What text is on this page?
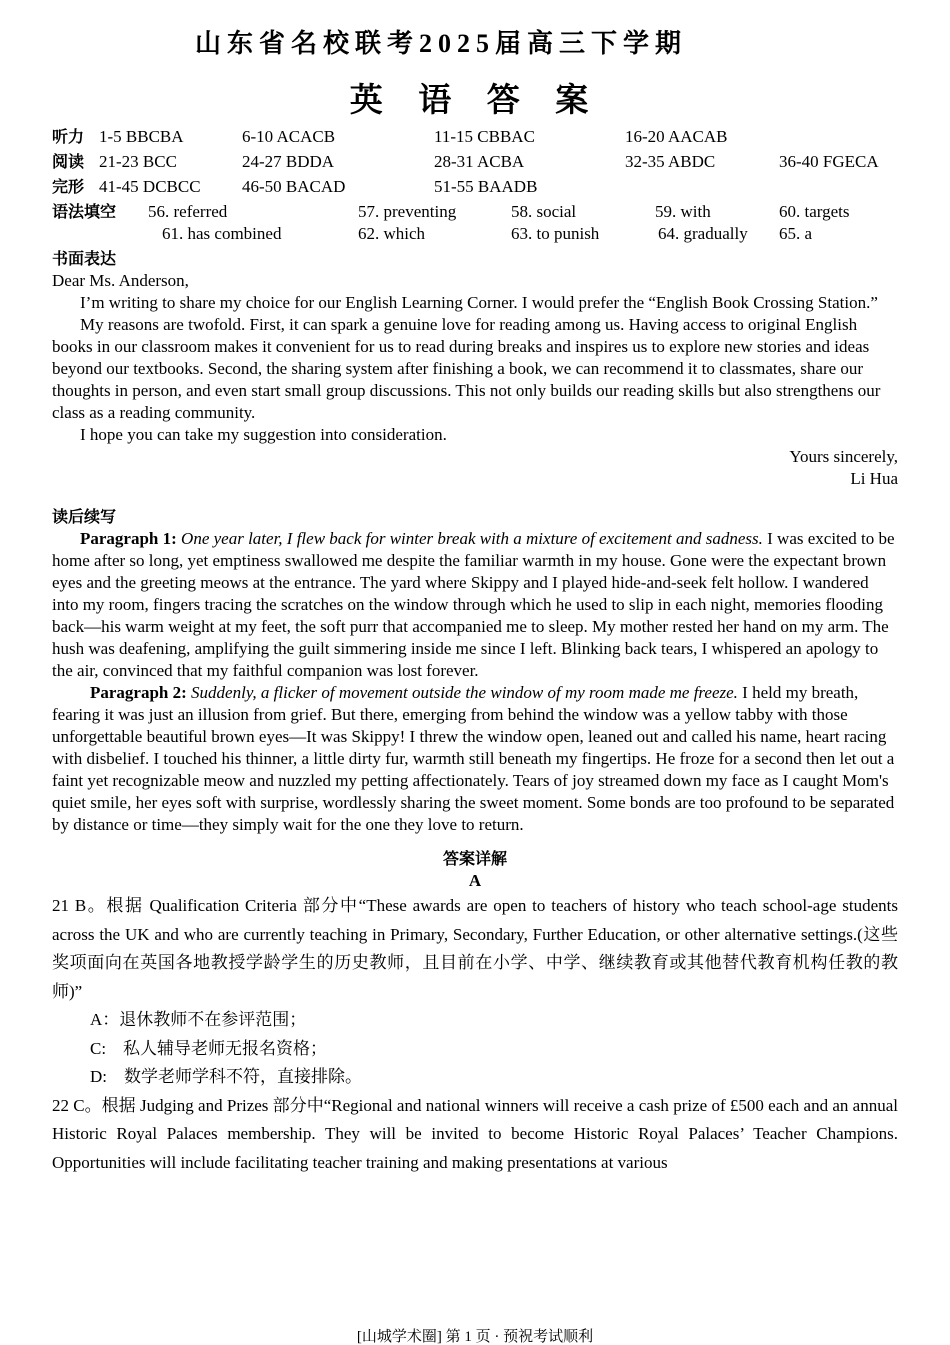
山东省名校联考2025届高三下学期
英 语 答 案
听力 1-5 BBCBA	6-10 ACACB	11-15 CBBAC	16-20 AACAB
阅读 21-23 BCC	24-27 BDDA	28-31 ACBA	32-35 ABDC	36-40 FGECA
完形 41-45 DCBCC 46-50 BACAD	51-55 BAADB
语法填空 56. referred	57. preventing	58. social	59. with	60. targets
61. has combined	62. which	63. to punish	64. gradually 65. a

书面表达

Dear Ms. Anderson,

I’m writing to share my choice for our English Learning Corner. I would prefer the “English Book Crossing Station.”

My reasons are twofold. First, it can spark a genuine love for reading among us. Having access to original English books in our classroom makes it convenient for us to read during breaks and inspires us to explore new stories and ideas beyond our textbooks. Second, the sharing system after finishing a book, we can recommend it to classmates, share our thoughts in person, and even start small group discussions. This not only builds our reading skills but also strengthens our class as a reading community.

I hope you can take my suggestion into consideration.

Yours sincerely,

Li Hua

读后续写

Paragraph 1: One year later, I flew back for winter break with a mixture of excitement and sadness. I was excited to be home after so long, yet emptiness swallowed me despite the familiar warmth in my house. Gone were the expectant brown eyes and the greeting meows at the entrance. The yard where Skippy and I played hide-and-seek felt hollow. I wandered into my room, fingers tracing the scratches on the window through which he used to slip in each night, memories flooding back—his warm weight at my feet, the soft purr that accompanied me to sleep. My mother rested her hand on my arm. The hush was deafening, amplifying the guilt simmering inside me since I left. Blinking back tears, I whispered an apology to the air, convinced that my faithful companion was lost forever.

Paragraph 2: Suddenly, a flicker of movement outside the window of my room made me freeze. I held my breath, fearing it was just an illusion from grief. But there, emerging from behind the window was a yellow tabby with those unforgettable beautiful brown eyes—It was Skippy! I threw the window open, leaned out and called his name, heart racing with disbelief. I touched his thinner, a little dirty fur, warmth still beneath my fingertips. He froze for a second then let out a faint yet recognizable meow and nuzzled my petting affectionately. Tears of joy streamed down my face as I caught Mom's quiet smile, her eyes soft with surprise, wordlessly sharing the sweet moment. Some bonds are too profound to be separated by distance or time—they simply wait for the one they love to return.

答案详解

A

21 B。根据 Qualification Criteria 部分中“These awards are open to teachers of history who teach school-age students across the UK and who are currently teaching in Primary, Secondary, Further Education, or other alternative settings.(这些奖项面向在英国各地教授学龄学生的历史教师，且目前在小学、中学、继续教育或其他替代教育机构任教的教师)”

A：退休教师不在参评范围；

C:　私人辅导老师无报名资格；

D:　数学老师学科不符，直接排除。

22 C。根据 Judging and Prizes 部分中“Regional and national winners will receive a cash prize of £500 each and an annual Historic Royal Palaces membership. They will be invited to become Historic Royal Palaces’ Teacher Champions. Opportunities will include facilitating teacher training and making presentations at various

[山城学术圈] 第 1 页 · 预祝考试顺利
